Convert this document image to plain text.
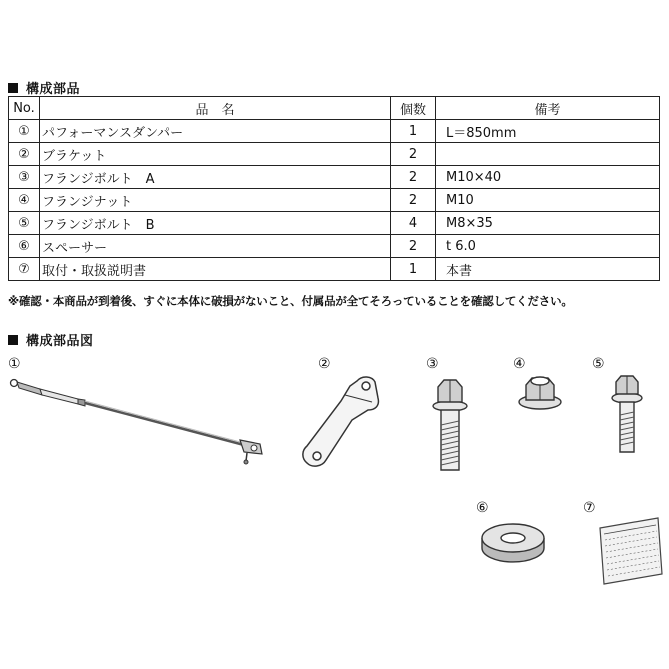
構成部品
No.	品　名	個数	備考
①	パフォーマンスダンパー	1	L＝850mm
②	ブラケット	2	
③	フランジボルト　A	2	M10×40
④	フランジナット	2	M10
⑤	フランジボルト　B	4	M8×35
⑥	スペーサー	2	t 6.0
⑦	取付・取扱説明書	1	本書
※確認・本商品が到着後、すぐに本体に破損がないこと、付属品が全てそろっていることを確認してください。
構成部品図
①	②	③	④	⑤
⑥	⑦
